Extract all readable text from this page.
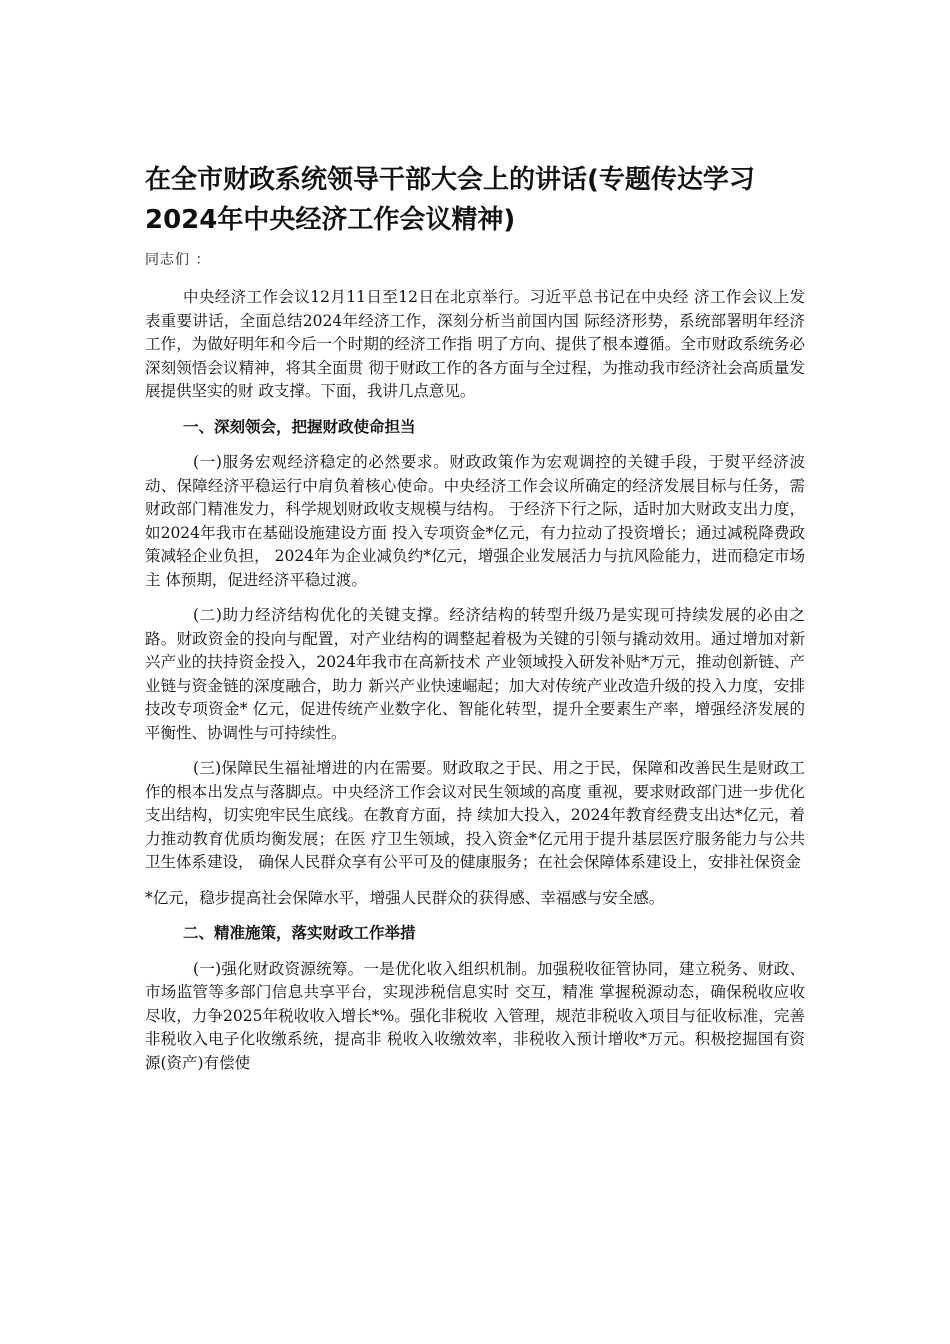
在全市财政系统领导干部大会上的讲话(专题传达学习2024年中央经济工作会议精神)

同志们 ：

中央经济工作会议12月11日至12日在北京举行。习近平总书记在中央经 济工作会议上发表重要讲话，全面总结2024年经济工作，深刻分析当前国内国 际经济形势，系统部署明年经济工作，为做好明年和今后一个时期的经济工作指 明了方向、提供了根本遵循。全市财政系统务必深刻领悟会议精神，将其全面贯 彻于财政工作的各方面与全过程，为推动我市经济社会高质量发展提供坚实的财 政支撑。下面，我讲几点意见。

一、深刻领会，把握财政使命担当

(一)服务宏观经济稳定的必然要求。财政政策作为宏观调控的关键手段，于熨平经济波动、保障经济平稳运行中肩负着核心使命。中央经济工作会议所确定的经济发展目标与任务，需财政部门精准发力，科学规划财政收支规模与结构。 于经济下行之际，适时加大财政支出力度，如2024年我市在基础设施建设方面 投入专项资金*亿元，有力拉动了投资增长；通过减税降费政策减轻企业负担， 2024年为企业减负约*亿元，增强企业发展活力与抗风险能力，进而稳定市场主 体预期，促进经济平稳过渡。

(二)助力经济结构优化的关键支撑。经济结构的转型升级乃是实现可持续发展的必由之路。财政资金的投向与配置，对产业结构的调整起着极为关键的引领与撬动效用。通过增加对新兴产业的扶持资金投入，2024年我市在高新技术 产业领域投入研发补贴*万元，推动创新链、产业链与资金链的深度融合，助力 新兴产业快速崛起；加大对传统产业改造升级的投入力度，安排技改专项资金* 亿元，促进传统产业数字化、智能化转型，提升全要素生产率，增强经济发展的 平衡性、协调性与可持续性。

(三)保障民生福祉增进的内在需要。财政取之于民、用之于民，保障和改善民生是财政工作的根本出发点与落脚点。中央经济工作会议对民生领域的高度 重视，要求财政部门进一步优化支出结构，切实兜牢民生底线。在教育方面，持 续加大投入，2024年教育经费支出达*亿元，着力推动教育优质均衡发展；在医 疗卫生领域，投入资金*亿元用于提升基层医疗服务能力与公共卫生体系建设， 确保人民群众享有公平可及的健康服务；在社会保障体系建设上，安排社保资金

*亿元，稳步提高社会保障水平，增强人民群众的获得感、幸福感与安全感。

二、精准施策，落实财政工作举措

(一)强化财政资源统筹。一是优化收入组织机制。加强税收征管协同，建立税务、财政、市场监管等多部门信息共享平台，实现涉税信息实时 交互，精准 掌握税源动态，确保税收应收尽收，力争2025年税收收入增长*%。强化非税收 入管理，规范非税收入项目与征收标准，完善非税收入电子化收缴系统，提高非 税收入收缴效率，非税收入预计增收*万元。积极挖掘国有资源(资产)有偿使
